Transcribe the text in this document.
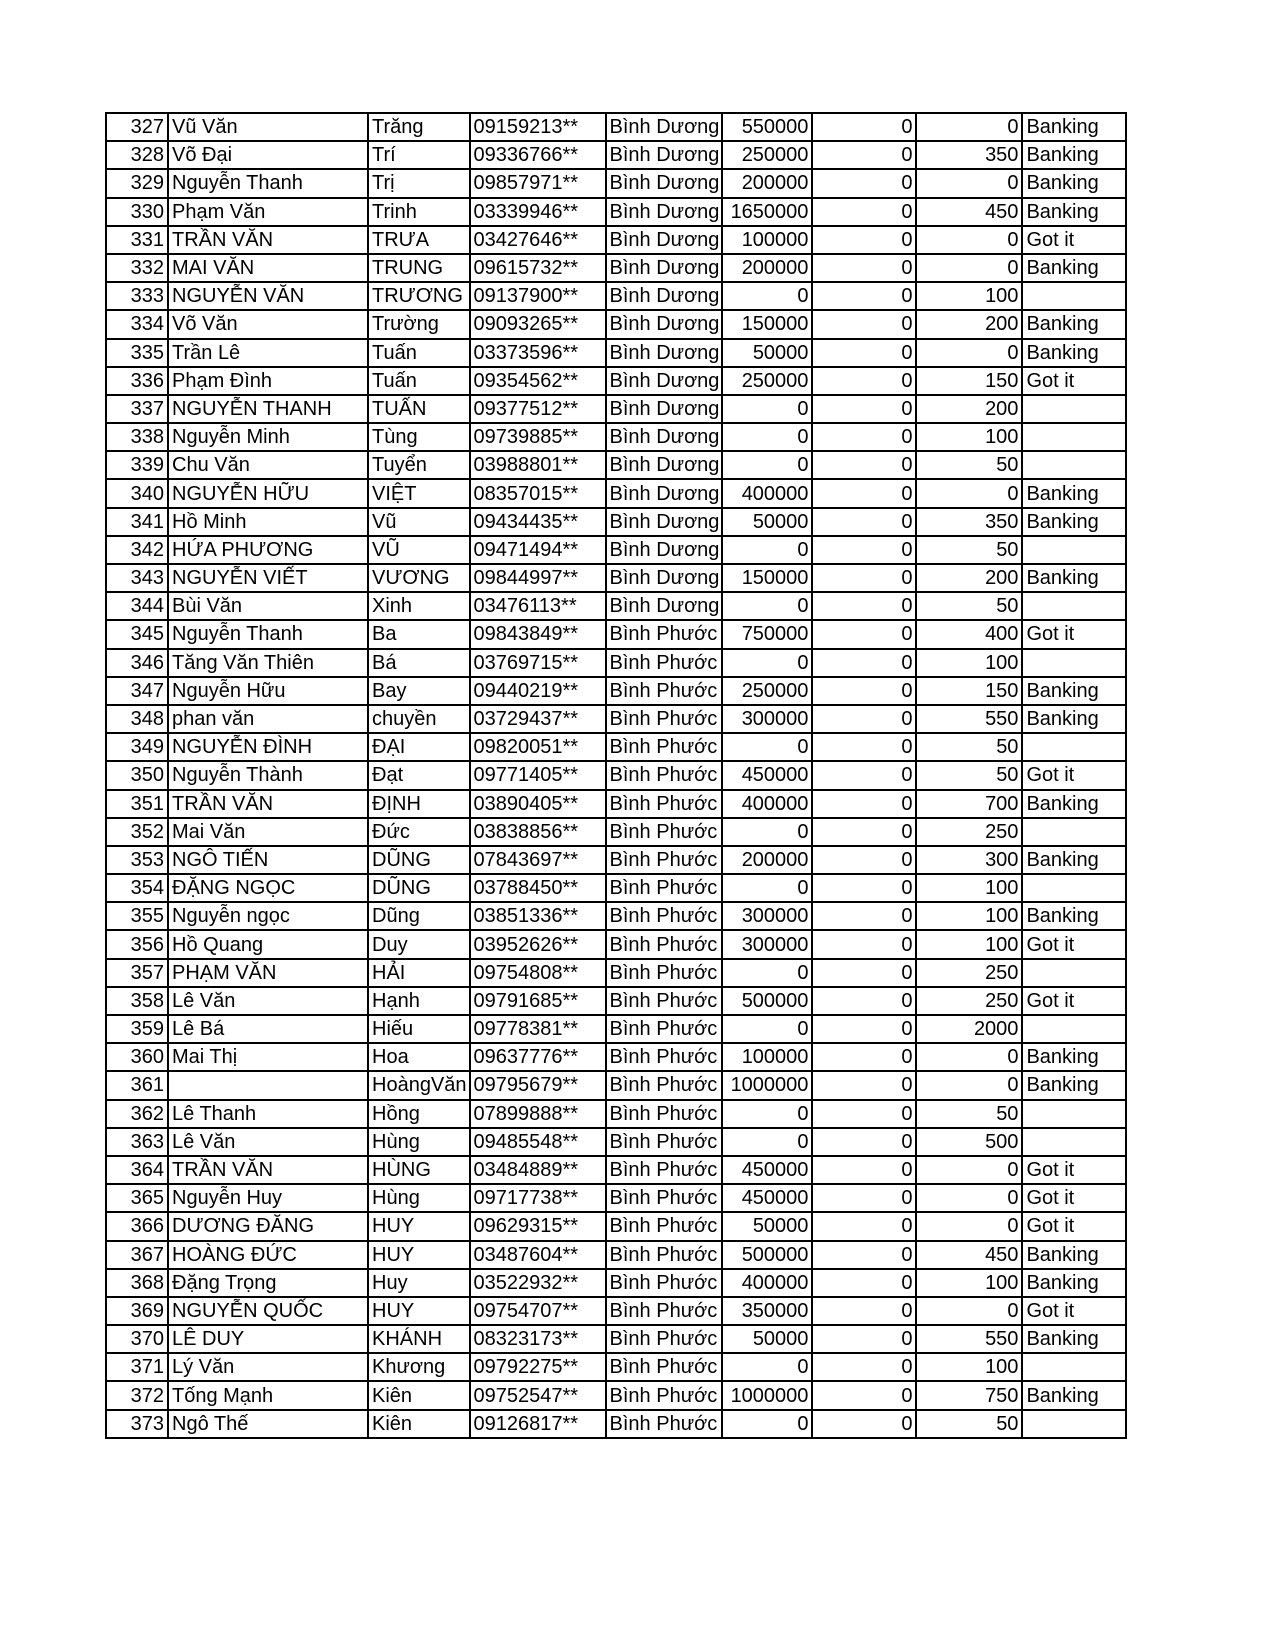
327	Vũ Văn	Trăng	09159213**	Bình Dương	550000	0	0	Banking
328	Võ Đại	Trí	09336766**	Bình Dương	250000	0	350	Banking
329	Nguyễn Thanh	Trị	09857971**	Bình Dương	200000	0	0	Banking
330	Phạm Văn	Trinh	03339946**	Bình Dương	1650000	0	450	Banking
331	TRẦN VĂN	TRƯA	03427646**	Bình Dương	100000	0	0	Got it
332	MAI VĂN	TRUNG	09615732**	Bình Dương	200000	0	0	Banking
333	NGUYỄN VĂN	TRƯƠNG	09137900**	Bình Dương	0	0	100	
334	Võ Văn	Trường	09093265**	Bình Dương	150000	0	200	Banking
335	Trần Lê	Tuấn	03373596**	Bình Dương	50000	0	0	Banking
336	Phạm Đình	Tuấn	09354562**	Bình Dương	250000	0	150	Got it
337	NGUYỄN THANH	TUẤN	09377512**	Bình Dương	0	0	200	
338	Nguyễn Minh	Tùng	09739885**	Bình Dương	0	0	100	
339	Chu Văn	Tuyển	03988801**	Bình Dương	0	0	50	
340	NGUYỄN HỮU	VIỆT	08357015**	Bình Dương	400000	0	0	Banking
341	Hồ Minh	Vũ	09434435**	Bình Dương	50000	0	350	Banking
342	HỨA PHƯƠNG	VŨ	09471494**	Bình Dương	0	0	50	
343	NGUYỄN VIẾT	VƯƠNG	09844997**	Bình Dương	150000	0	200	Banking
344	Bùi Văn	Xinh	03476113**	Bình Dương	0	0	50	
345	Nguyễn Thanh	Ba	09843849**	Bình Phước	750000	0	400	Got it
346	Tăng Văn Thiên	Bá	03769715**	Bình Phước	0	0	100	
347	Nguyễn Hữu	Bay	09440219**	Bình Phước	250000	0	150	Banking
348	phan văn	chuyền	03729437**	Bình Phước	300000	0	550	Banking
349	NGUYỄN ĐÌNH	ĐẠI	09820051**	Bình Phước	0	0	50	
350	Nguyễn Thành	Đạt	09771405**	Bình Phước	450000	0	50	Got it
351	TRẦN VĂN	ĐỊNH	03890405**	Bình Phước	400000	0	700	Banking
352	Mai Văn	Đức	03838856**	Bình Phước	0	0	250	
353	NGÔ TIẾN	DŨNG	07843697**	Bình Phước	200000	0	300	Banking
354	ĐẶNG NGỌC	DŨNG	03788450**	Bình Phước	0	0	100	
355	Nguyễn ngọc	Dũng	03851336**	Bình Phước	300000	0	100	Banking
356	Hồ Quang	Duy	03952626**	Bình Phước	300000	0	100	Got it
357	PHẠM VĂN	HẢI	09754808**	Bình Phước	0	0	250	
358	Lê Văn	Hạnh	09791685**	Bình Phước	500000	0	250	Got it
359	Lê Bá	Hiếu	09778381**	Bình Phước	0	0	2000	
360	Mai Thị	Hoa	09637776**	Bình Phước	100000	0	0	Banking
361		HoàngVăn	09795679**	Bình Phước	1000000	0	0	Banking
362	Lê Thanh	Hồng	07899888**	Bình Phước	0	0	50	
363	Lê Văn	Hùng	09485548**	Bình Phước	0	0	500	
364	TRẦN VĂN	HÙNG	03484889**	Bình Phước	450000	0	0	Got it
365	Nguyễn Huy	Hùng	09717738**	Bình Phước	450000	0	0	Got it
366	DƯƠNG ĐĂNG	HUY	09629315**	Bình Phước	50000	0	0	Got it
367	HOÀNG ĐỨC	HUY	03487604**	Bình Phước	500000	0	450	Banking
368	Đặng Trọng	Huy	03522932**	Bình Phước	400000	0	100	Banking
369	NGUYỄN QUỐC	HUY	09754707**	Bình Phước	350000	0	0	Got it
370	LÊ DUY	KHÁNH	08323173**	Bình Phước	50000	0	550	Banking
371	Lý Văn	Khương	09792275**	Bình Phước	0	0	100	
372	Tống Mạnh	Kiên	09752547**	Bình Phước	1000000	0	750	Banking
373	Ngô Thế	Kiên	09126817**	Bình Phước	0	0	50	
